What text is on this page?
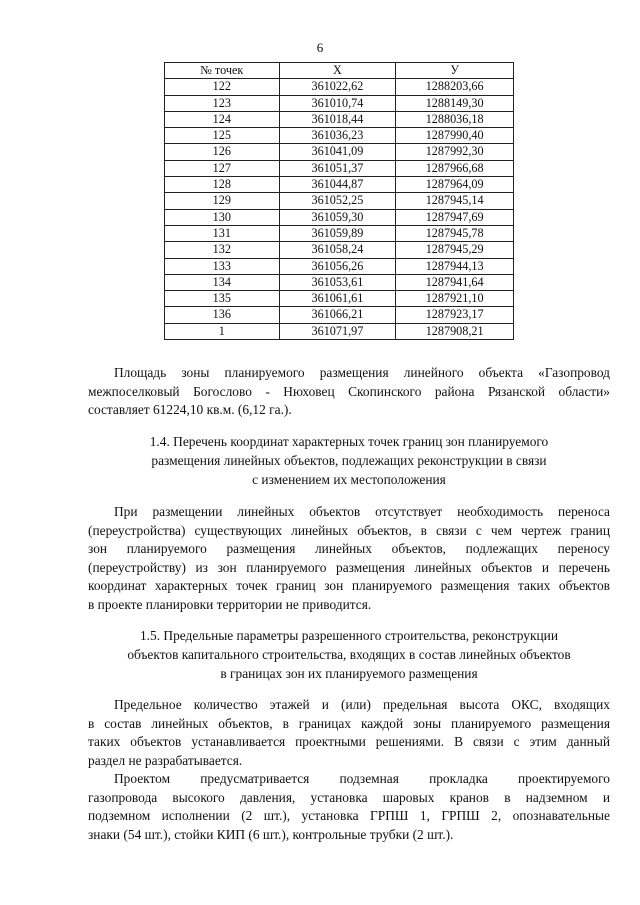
6
№ точек	X	У
122	361022,62	1288203,66
123	361010,74	1288149,30
124	361018,44	1288036,18
125	361036,23	1287990,40
126	361041,09	1287992,30
127	361051,37	1287966,68
128	361044,87	1287964,09
129	361052,25	1287945,14
130	361059,30	1287947,69
131	361059,89	1287945,78
132	361058,24	1287945,29
133	361056,26	1287944,13
134	361053,61	1287941,64
135	361061,61	1287921,10
136	361066,21	1287923,17
1	361071,97	1287908,21

Площадь зоны планируемого размещения линейного объекта «Газопровод
межпоселковый Богослово - Нюховец Скопинского района Рязанской области»
составляет 61224,10 кв.м. (6,12 га.).

1.4. Перечень координат характерных точек границ зон планируемого
размещения линейных объектов, подлежащих реконструкции в связи
с изменением их местоположения

При размещении линейных объектов отсутствует необходимость переноса
(переустройства) существующих линейных объектов, в связи с чем чертеж границ
зон планируемого размещения линейных объектов, подлежащих переносу
(переустройству) из зон планируемого размещения линейных объектов и перечень
координат характерных точек границ зон планируемого размещения таких объектов
в проекте планировки территории не приводится.

1.5. Предельные параметры разрешенного строительства, реконструкции
объектов капитального строительства, входящих в состав линейных объектов
в границах зон их планируемого размещения

Предельное количество этажей и (или) предельная высота ОКС, входящих
в состав линейных объектов, в границах каждой зоны планируемого размещения
таких объектов устанавливается проектными решениями. В связи с этим данный
раздел не разрабатывается.

Проектом предусматривается подземная прокладка проектируемого
газопровода высокого давления, установка шаровых кранов в надземном и
подземном исполнении (2 шт.), установка ГРПШ 1, ГРПШ 2, опознавательные
знаки (54 шт.), стойки КИП (6 шт.), контрольные трубки (2 шт.).
